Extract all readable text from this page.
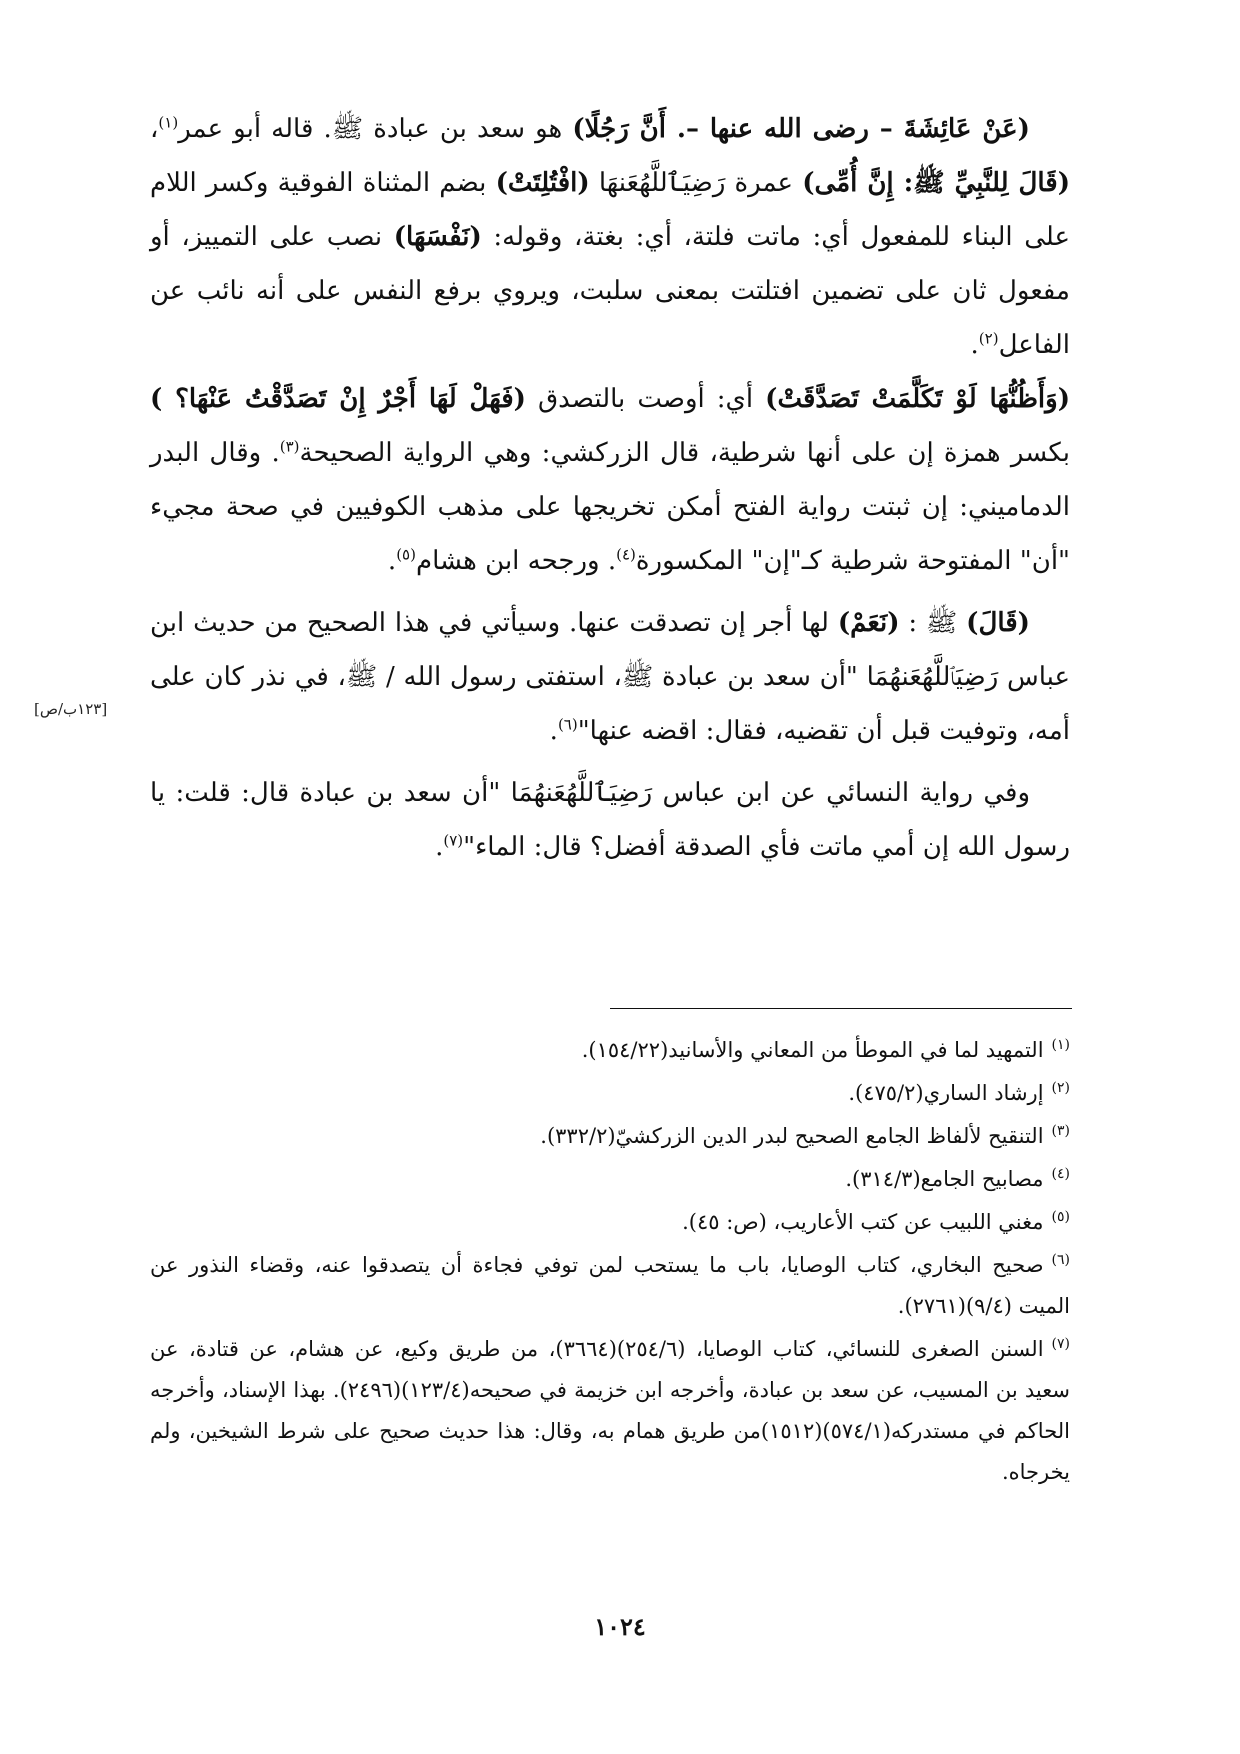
(عَنْ عَائِشَةَ – رضى الله عنها –. أَنَّ رَجُلًا) هو سعد بن عبادة ﷺ. قاله أبو عمر$^{(١)}$، (قَالَ لِلنَّبِيِّ ﷺ: إِنَّ أُمِّى) عمرة رَضِيَٱللَّهُعَنهَا (افْتُلِتَتْ) بضم المثناة الفوقية وكسر اللام على البناء للمفعول أي: ماتت فلتة، أي: بغتة، وقوله: (نَفْسَهَا) نصب على التمييز، أو مفعول ثان على تضمين افتلتت بمعنى سلبت، ويروي برفع النفس على أنه نائب عن الفاعل$^{(٢)}$.

(وَأَظُنُّهَا لَوْ تَكَلَّمَتْ تَصَدَّقَتْ) أي: أوصت بالتصدق (فَهَلْ لَهَا أَجْرٌ إِنْ تَصَدَّقْتُ عَنْهَا؟ ) بكسر همزة إن على أنها شرطية، قال الزركشي: وهي الرواية الصحيحة$^{(٣)}$. وقال البدر الدماميني: إن ثبتت رواية الفتح أمكن تخريجها على مذهب الكوفيين في صحة مجيء "أن" المفتوحة شرطية كـ"إن" المكسورة$^{(٤)}$. ورجحه ابن هشام$^{(٥)}$.

(قَالَ) ﷺ : (نَعَمْ) لها أجر إن تصدقت عنها. وسيأتي في هذا الصحيح من حديث ابن عباس رَضِيَٱللَّهُعَنهُمَا "أن سعد بن عبادة ﷺ، استفتى رسول الله / ﷺ، في نذر كان على أمه، وتوفيت قبل أن تقضيه، فقال: اقضه عنها"$^{(٦)}$.

وفي رواية النسائي عن ابن عباس رَضِيَٱللَّهُعَنهُمَا "أن سعد بن عبادة قال: قلت: يا رسول الله إن أمي ماتت فأي الصدقة أفضل؟ قال: الماء"$^{(٧)}$.

[١٢٣ب/ص]

$^{(١)}$التمهيد لما في الموطأ من المعاني والأسانيد(١٥٤/٢٢).

$^{(٢)}$إرشاد الساري(٤٧٥/٢).

$^{(٣)}$التنقيح لألفاظ الجامع الصحيح لبدر الدين الزركشيّ(٣٣٢/٢).

$^{(٤)}$مصابيح الجامع(٣١٤/٣).

$^{(٥)}$مغني اللبيب عن كتب الأعاريب، (ص: ٤٥).

$^{(٦)}$صحيح البخاري، كتاب الوصايا، باب ما يستحب لمن توفي فجاءة أن يتصدقوا عنه، وقضاء النذور عن الميت (٩/٤)(٢٧٦١).

$^{(٧)}$السنن الصغرى للنسائي، كتاب الوصايا، (٢٥٤/٦)(٣٦٦٤)، من طريق وكيع، عن هشام، عن قتادة، عن سعيد بن المسيب، عن سعد بن عبادة، وأخرجه ابن خزيمة في صحيحه(١٢٣/٤)(٢٤٩٦). بهذا الإسناد، وأخرجه الحاكم في مستدركه(٥٧٤/١)(١٥١٢)من طريق همام به، وقال: هذا حديث صحيح على شرط الشيخين، ولم يخرجاه.

١٠٢٤
